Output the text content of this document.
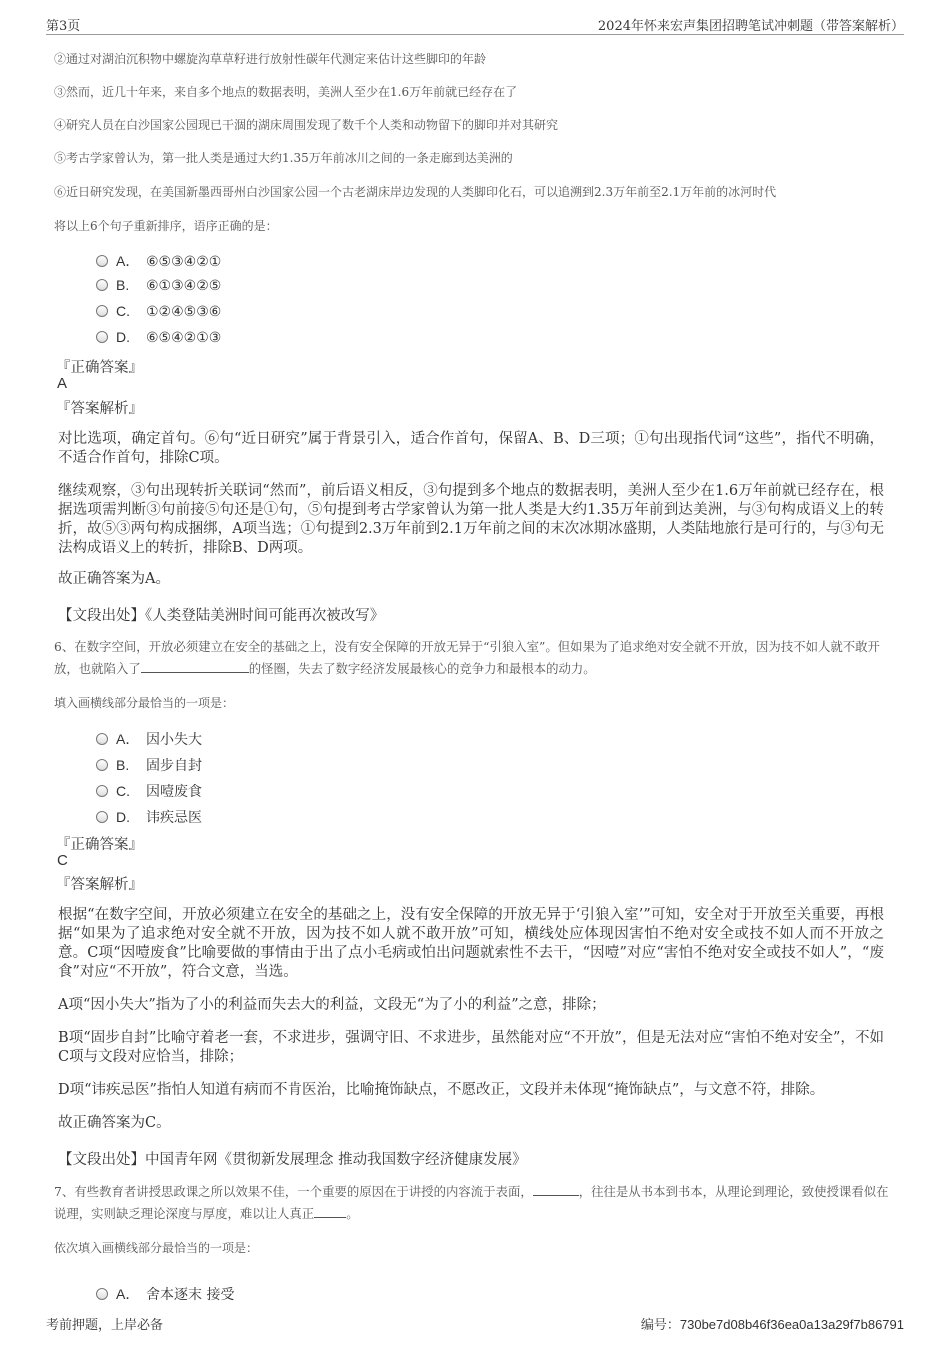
第3页	2024年怀来宏声集团招聘笔试冲刺题（带答案解析）
②通过对湖泊沉积物中螺旋沟草草籽进行放射性碳年代测定来估计这些脚印的年龄
③然而，近几十年来，来自多个地点的数据表明，美洲人至少在1.6万年前就已经存在了
④研究人员在白沙国家公园现已干涸的湖床周围发现了数千个人类和动物留下的脚印并对其研究
⑤考古学家曾认为，第一批人类是通过大约1.35万年前冰川之间的一条走廊到达美洲的
⑥近日研究发现，在美国新墨西哥州白沙国家公园一个古老湖床岸边发现的人类脚印化石，可以追溯到2.3万年前至2.1万年前的冰河时代
将以上6个句子重新排序，语序正确的是：
A． ⑥⑤③④②①
B. ⑥①③④②⑤
C. ①②④⑤③⑥
D. ⑥⑤④②①③
『正确答案』
A
『答案解析』
对比选项，确定首句。⑥句“近日研究”属于背景引入，适合作首句，保留A、B、D三项；①句出现指代词“这些”，指代不明确，不适合作首句，排除C项。
继续观察，③句出现转折关联词“然而”，前后语义相反，③句提到多个地点的数据表明，美洲人至少在1.6万年前就已经存在，根据选项需判断③句前接⑤句还是①句，⑤句提到考古学家曾认为第一批人类是大约1.35万年前到达美洲，与③句构成语义上的转折，故⑤③两句构成捆绑，A项当选；①句提到2.3万年前到2.1万年前之间的末次冰期冰盛期，人类陆地旅行是可行的，与③句无法构成语义上的转折，排除B、D两项。
故正确答案为A。
【文段出处】《人类登陆美洲时间可能再次被改写》
6、在数字空间，开放必须建立在安全的基础之上，没有安全保障的开放无异于“引狼入室”。但如果为了追求绝对安全就不开放，因为技不如人就不敢开放，也就陷入了	的怪圈，失去了数字经济发展最核心的竞争力和最根本的动力。
填入画横线部分最恰当的一项是：
A． 因小失大
B. 固步自封
C. 因噎废食
D. 讳疾忌医
『正确答案』
C
『答案解析』
根据“在数字空间，开放必须建立在安全的基础之上，没有安全保障的开放无异于‘引狼入室’”可知，安全对于开放至关重要，再根据“如果为了追求绝对安全就不开放，因为技不如人就不敢开放”可知，横线处应体现因害怕不绝对安全或技不如人而不开放之意。C项“因噎废食”比喻要做的事情由于出了点小毛病或怕出问题就索性不去干，“因噎”对应“害怕不绝对安全或技不如人”，“废食”对应“不开放”，符合文意，当选。
A项“因小失大”指为了小的利益而失去大的利益，文段无“为了小的利益”之意，排除；
B项“固步自封”比喻守着老一套，不求进步，强调守旧、不求进步，虽然能对应“不开放”，但是无法对应“害怕不绝对安全”，不如C项与文段对应恰当，排除；
D项“讳疾忌医”指怕人知道有病而不肯医治，比喻掩饰缺点，不愿改正，文段并未体现“掩饰缺点”，与文意不符，排除。
故正确答案为C。
【文段出处】中国青年网《贯彻新发展理念 推动我国数字经济健康发展》
7、有些教育者讲授思政课之所以效果不佳，一个重要的原因在于讲授的内容流于表面，	，往往是从书本到书本，从理论到理论，致使授课看似在说理，实则缺乏理论深度与厚度，难以让人真正	。
依次填入画横线部分最恰当的一项是：
A． 舍本逐末 接受
考前押题，上岸必备	编号：730be7d08b46f36ea0a13a29f7b86791
